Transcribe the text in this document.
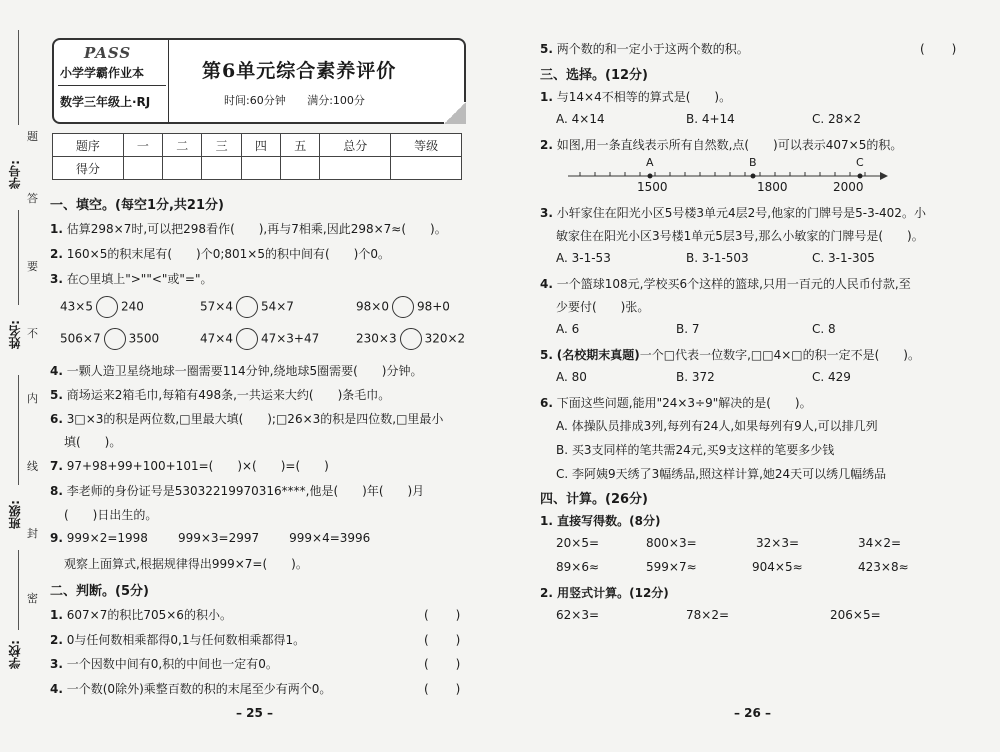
学号:
姓名:
班级:
学校:
题
答
要
不
内
线
封
密
PASS
小学学霸作业本
数学三年级上·RJ
第6单元综合素养评价
时间:60分钟 满分:100分
题序	一	二	三	四	五	总分	等级
得分							
一、填空。(每空1分,共21分)
1. 估算298×7时,可以把298看作(　　),再与7相乘,因此298×7≈(　　)。
2. 160×5的积末尾有(　　)个0;801×5的积中间有(　　)个0。
3. 在○里填上">""<"或"="。
43×5 240	57×4 54×7	98×0 98+0
506×7 3500	47×4 47×3+47	230×3 320×2
4. 一颗人造卫星绕地球一圈需要114分钟,绕地球5圈需要(　　)分钟。
5. 商场运来2箱毛巾,每箱有498条,一共运来大约(　　)条毛巾。
6. 3□×3的积是两位数,□里最大填(　　);□26×3的积是四位数,□里最小
填(　　)。
7. 97+98+99+100+101=(　　)×(　　)=(　　)
8. 李老师的身份证号是53032219970316****,他是(　　)年(　　)月
(　　)日出生的。
9. 999×2=1998	999×3=2997	999×4=3996
观察上面算式,根据规律得出999×7=(　　)。
二、判断。(5分)
1. 607×7的积比705×6的积小。	(　　)
2. 0与任何数相乘都得0,1与任何数相乘都得1。	(　　)
3. 一个因数中间有0,积的中间也一定有0。	(　　)
4. 一个数(0除外)乘整百数的积的末尾至少有两个0。	(　　)
– 25 –
5. 两个数的和一定小于这两个数的积。	(　　)
三、选择。(12分)
1. 与14×4不相等的算式是(　　)。
A. 4×14	B. 4+14	C. 28×2
2. 如图,用一条直线表示所有自然数,点(　　)可以表示407×5的积。
A	B	C
1500	1800	2000
3. 小轩家住在阳光小区5号楼3单元4层2号,他家的门牌号是5-3-402。小
敏家住在阳光小区3号楼1单元5层3号,那么小敏家的门牌号是(　　)。
A. 3-1-53	B. 3-1-503	C. 3-1-305
4. 一个篮球108元,学校买6个这样的篮球,只用一百元的人民币付款,至
少要付(　　)张。
A. 6	B. 7	C. 8
5. (名校期末真题)一个□代表一位数字,□□4×□的积一定不是(　　)。
A. 80	B. 372	C. 429
6. 下面这些问题,能用"24×3÷9"解决的是(　　)。
A. 体操队员排成3列,每列有24人,如果每列有9人,可以排几列
B. 买3支同样的笔共需24元,买9支这样的笔要多少钱
C. 李阿姨9天绣了3幅绣品,照这样计算,她24天可以绣几幅绣品
四、计算。(26分)
1. 直接写得数。(8分)
20×5=	800×3=	32×3=	34×2=
89×6≈	599×7≈	904×5≈	423×8≈
2. 用竖式计算。(12分)
62×3=	78×2=	206×5=
– 26 –
